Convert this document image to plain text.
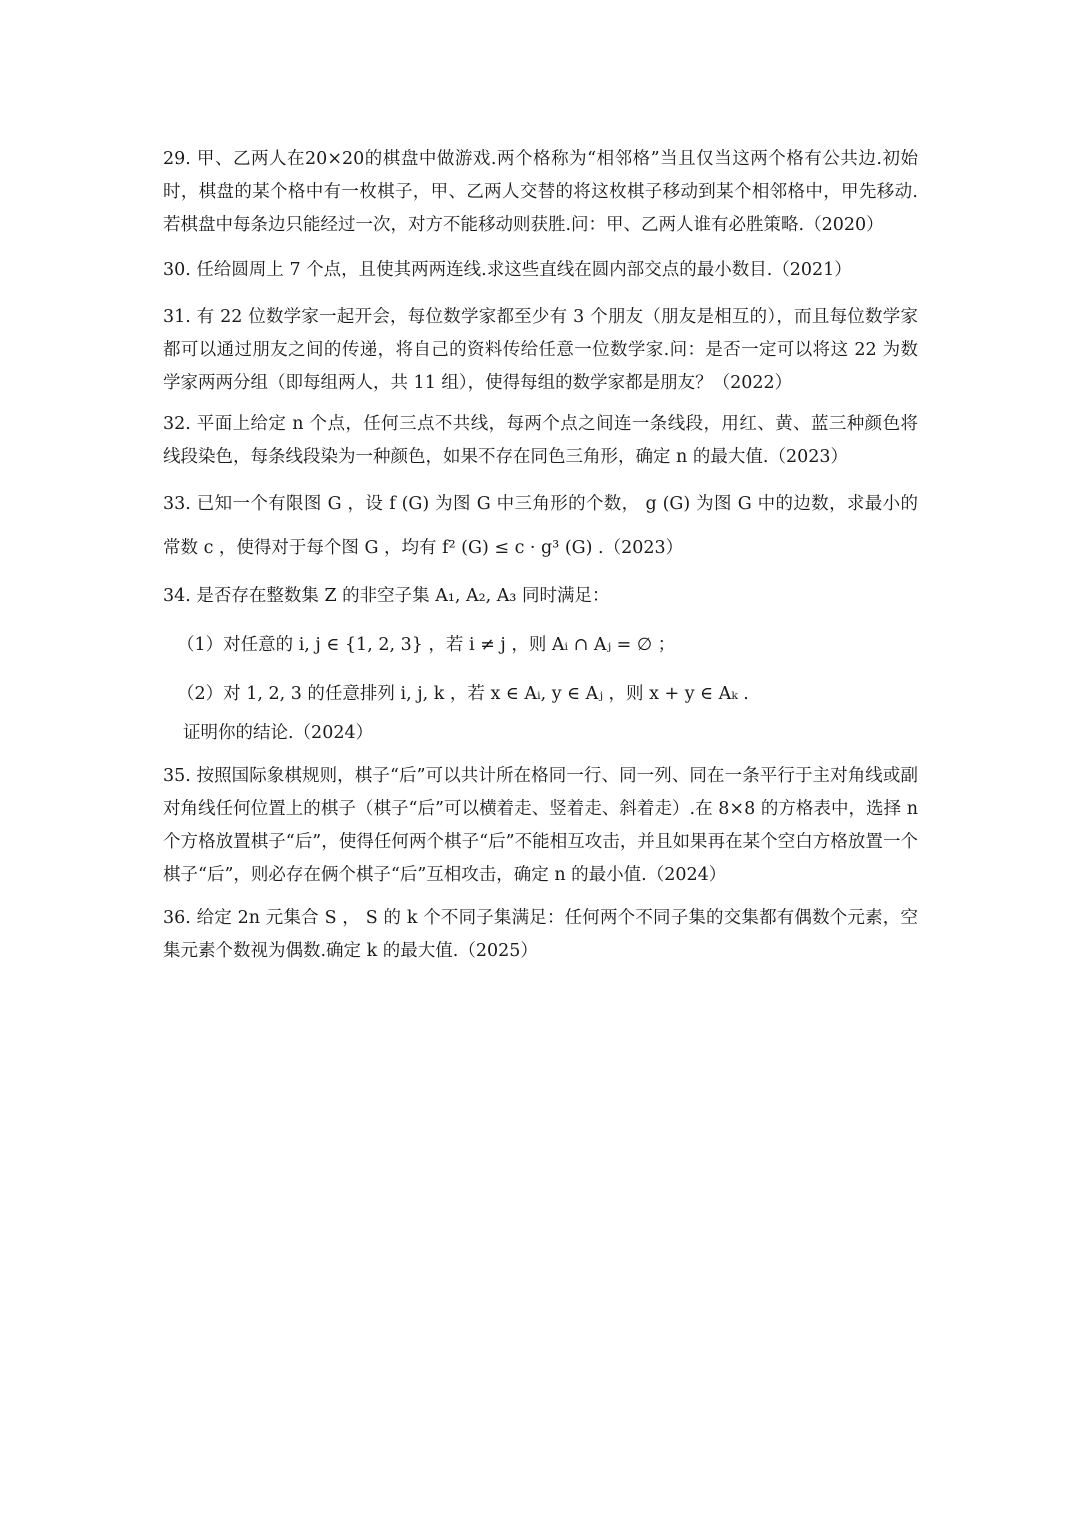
29. 甲、乙两人在20×20的棋盘中做游戏.两个格称为“相邻格”当且仅当这两个格有公共边.初始时，棋盘的某个格中有一枚棋子，甲、乙两人交替的将这枚棋子移动到某个相邻格中，甲先移动.若棋盘中每条边只能经过一次，对方不能移动则获胜.问：甲、乙两人谁有必胜策略.（2020）

30. 任给圆周上 7 个点，且使其两两连线.求这些直线在圆内部交点的最小数目.（2021）

31. 有 22 位数学家一起开会，每位数学家都至少有 3 个朋友（朋友是相互的），而且每位数学家都可以通过朋友之间的传递，将自己的资料传给任意一位数学家.问：是否一定可以将这 22 为数学家两两分组（即每组两人，共 11 组），使得每组的数学家都是朋友？（2022）

32. 平面上给定 n 个点，任何三点不共线，每两个点之间连一条线段，用红、黄、蓝三种颜色将线段染色，每条线段染为一种颜色，如果不存在同色三角形，确定 n 的最大值.（2023）

33. 已知一个有限图 G ，设 f (G) 为图 G 中三角形的个数， g (G) 为图 G 中的边数，求最小的常数 c ，使得对于每个图 G ，均有 f² (G) ≤ c · g³ (G) .（2023）

34. 是否存在整数集 Z 的非空子集 A₁, A₂, A₃ 同时满足：

（1）对任意的 i, j ∈ {1, 2, 3} ，若 i ≠ j ，则 Aᵢ ∩ Aⱼ = ∅ ；

（2）对 1, 2, 3 的任意排列 i, j, k ，若 x ∈ Aᵢ, y ∈ Aⱼ ，则 x + y ∈ Aₖ .

证明你的结论.（2024）

35. 按照国际象棋规则，棋子“后”可以共计所在格同一行、同一列、同在一条平行于主对角线或副对角线任何位置上的棋子（棋子“后”可以横着走、竖着走、斜着走）.在 8×8 的方格表中，选择 n 个方格放置棋子“后”，使得任何两个棋子“后”不能相互攻击，并且如果再在某个空白方格放置一个棋子“后”，则必存在俩个棋子“后”互相攻击，确定 n 的最小值.（2024）

36. 给定 2n 元集合 S ， S 的 k 个不同子集满足：任何两个不同子集的交集都有偶数个元素，空集元素个数视为偶数.确定 k 的最大值.（2025）
